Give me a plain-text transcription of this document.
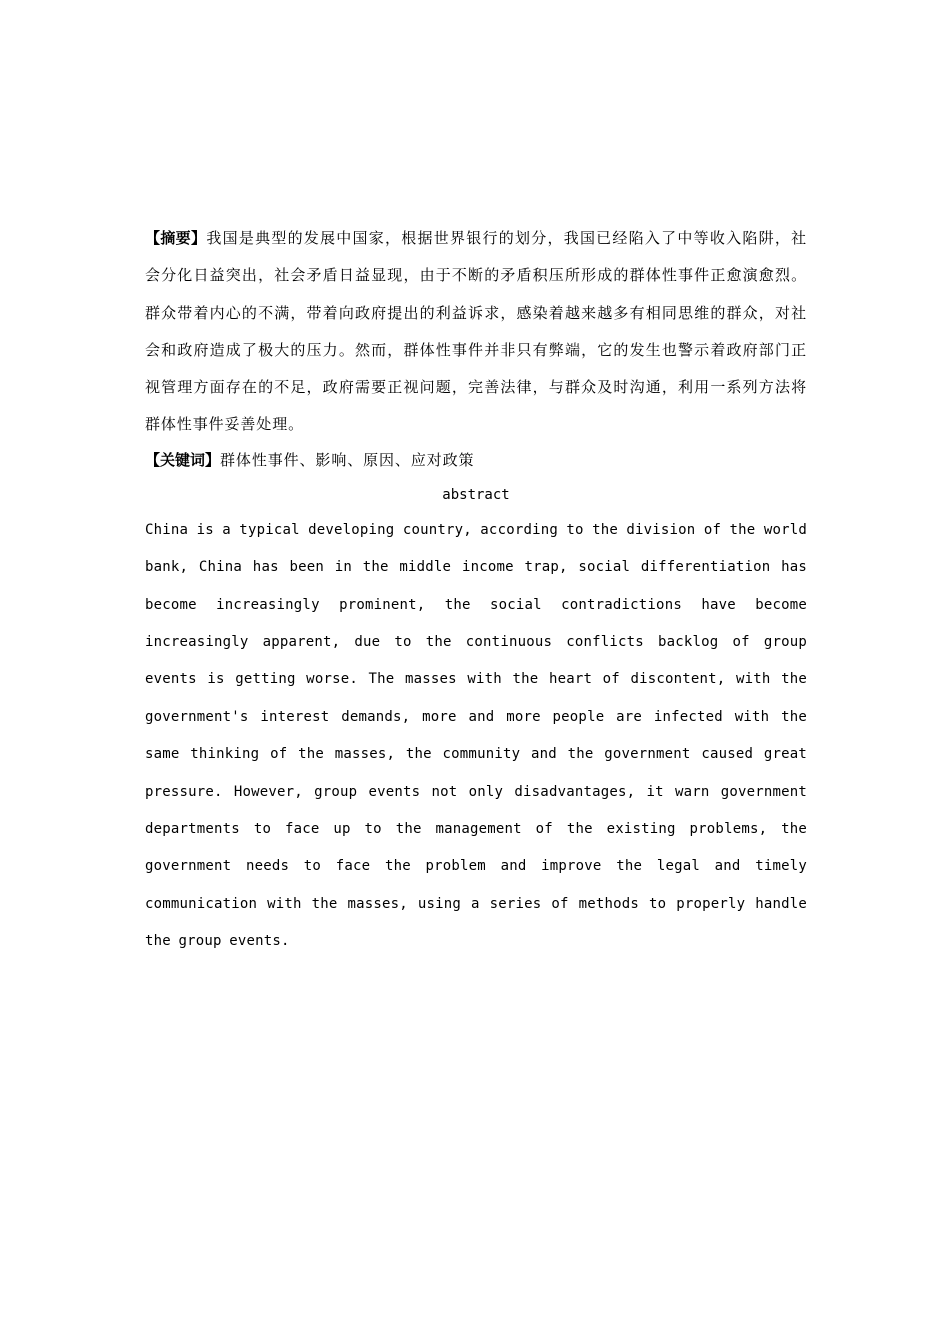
【摘要】我国是典型的发展中国家，根据世界银行的划分，我国已经陷入了中等收入陷阱，社会分化日益突出，社会矛盾日益显现，由于不断的矛盾积压所形成的群体性事件正愈演愈烈。群众带着内心的不满，带着向政府提出的利益诉求，感染着越来越多有相同思维的群众，对社会和政府造成了极大的压力。然而，群体性事件并非只有弊端，它的发生也警示着政府部门正视管理方面存在的不足，政府需要正视问题，完善法律，与群众及时沟通，利用一系列方法将群体性事件妥善处理。

【关键词】群体性事件、影响、原因、应对政策

abstract

China is a typical developing country, according to the division of the world bank, China has been in the middle income trap, social differentiation has become increasingly prominent, the social contradictions have become increasingly apparent, due to the continuous conflicts backlog of group events is getting worse. The masses with the heart of discontent, with the government's interest demands, more and more people are infected with the same thinking of the masses, the community and the government caused great pressure. However, group events not only disadvantages, it warn government departments to face up to the management of the existing problems, the government needs to face the problem and improve the legal and timely communication with the masses, using a series of methods to properly handle the group events.
